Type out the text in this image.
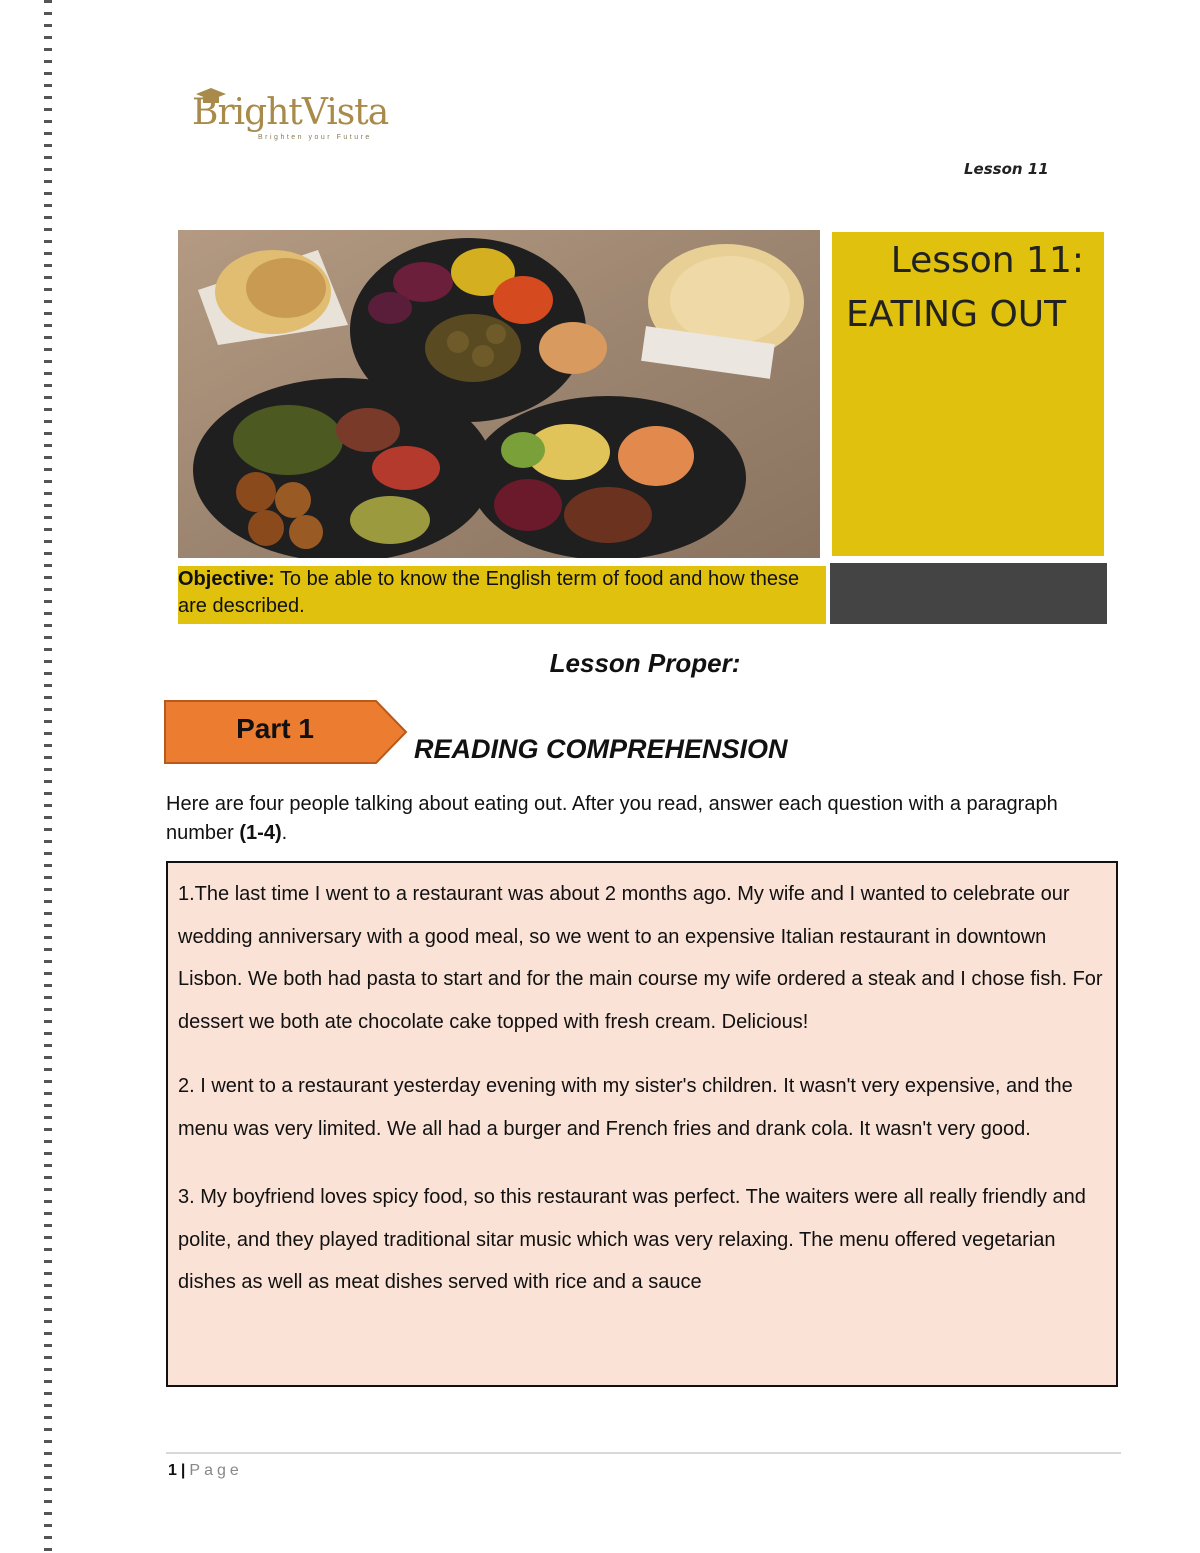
BrightVista
Brighten your Future
Lesson 11
Lesson 11:
EATING OUT
Objective: To be able to know the English term of food and how these are described.
Lesson Proper:
Part 1
READING COMPREHENSION
Here are four people talking about eating out. After you read, answer each question with a paragraph number (1-4).

1.The last time I went to a restaurant was about 2 months ago. My wife and I wanted to celebrate our wedding anniversary with a good meal, so we went to an expensive Italian restaurant in downtown Lisbon. We both had pasta to start and for the main course my wife ordered a steak and I chose fish. For dessert we both ate chocolate cake topped with fresh cream. Delicious!

2. I went to a restaurant yesterday evening with my sister's children. It wasn't very expensive, and the menu was very limited. We all had a burger and French fries and drank cola. It wasn't very good.

3. My boyfriend loves spicy food, so this restaurant was perfect. The waiters were all really friendly and polite, and they played traditional sitar music which was very relaxing. The menu offered vegetarian dishes as well as meat dishes served with rice and a sauce

1 | Page
